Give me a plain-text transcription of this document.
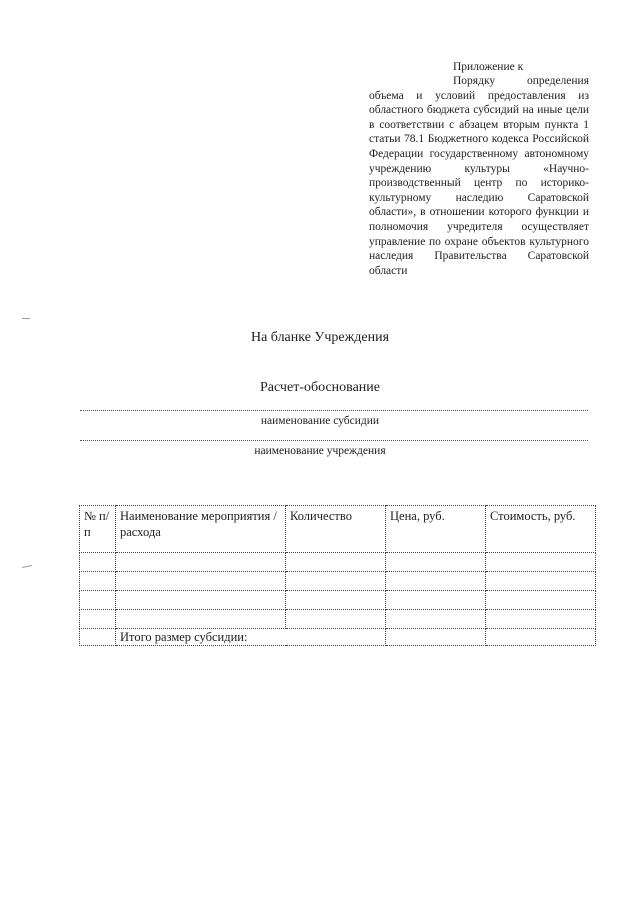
Приложение к
Порядку определения
объема и условий предоставления из областного бюджета субсидий на иные цели в соответствии с абзацем вторым пункта 1 статьи 78.1 Бюджетного кодекса Российской Федерации государственному автономному учреждению культуры «Научно-производственный центр по историко-культурному наследию Саратовской области», в отношении которого функции и полномочия учредителя осуществляет управление по охране объектов культурного наследия Правительства Саратовской области
На бланке Учреждения
Расчет-обоснование
наименование субсидии
наименование учреждения
№ п/п	Наименование мероприятия / расхода	Количество	Цена, руб.	Стоимость, руб.

	Итого размер субсидии:			
